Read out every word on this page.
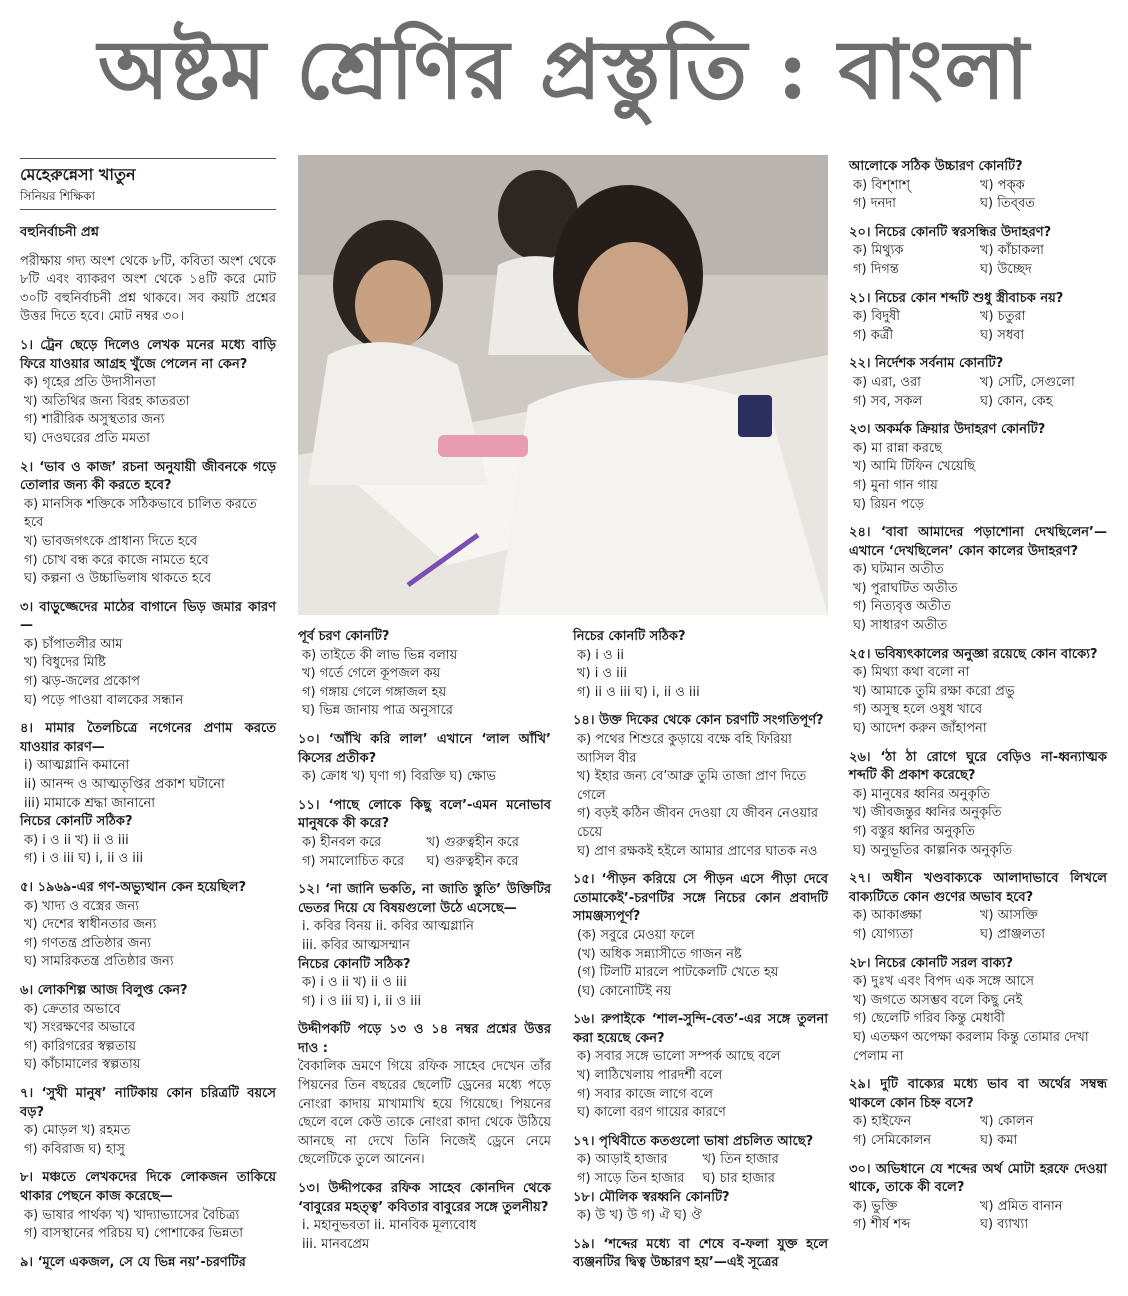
অষ্টম শ্রেণির প্রস্তুতি : বাংলা
মেহেরুন্নেসা খাতুন
সিনিয়র শিক্ষিকা
বহুনির্বাচনী প্রশ্ন

পরীক্ষায় গদ্য অংশ থেকে ৮টি, কবিতা অংশ থেকে ৮টি এবং ব্যাকরণ অংশ থেকে ১৪টি করে মোট ৩০টি বহুনির্বাচনী প্রশ্ন থাকবে। সব কয়টি প্রশ্নের উত্তর দিতে হবে। মোট নম্বর ৩০।

১। ট্রেন ছেড়ে দিলেও লেখক মনের মধ্যে বাড়ি ফিরে যাওয়ার আগ্রহ খুঁজে পেলেন না কেন?

ক) গৃহের প্রতি উদাসীনতা

খ) অতিথির জন্য বিরহ কাতরতা

গ) শারীরিক অসুস্থতার জন্য

ঘ) দেওঘরের প্রতি মমতা

২। ‘ভাব ও কাজ’ রচনা অনুযায়ী জীবনকে গড়ে তোলার জন্য কী করতে হবে?

ক) মানসিক শক্তিকে সঠিকভাবে চালিত করতে হবে

খ) ভাবজগৎকে প্রাধান্য দিতে হবে

গ) চোখ বন্ধ করে কাজে নামতে হবে

ঘ) কল্পনা ও উচ্চাভিলাষ থাকতে হবে

৩। বাড়ুজ্জেদের মাঠের বাগানে ভিড় জমার কারণ—

ক) চাঁপাতলীর আম

খ) বিধুদের মিষ্টি

গ) ঝড়-জলের প্রকোপ

ঘ) পড়ে পাওয়া বালকের সন্ধান

৪। মামার তৈলচিত্রে নগেনের প্রণাম করতে যাওয়ার কারণ—

i) আত্মগ্লানি কমানো

ii) আনন্দ ও আত্মতৃপ্তির প্রকাশ ঘটানো

iii) মামাকে শ্রদ্ধা জানানো

নিচের কোনটি সঠিক?

ক) i ও ii খ) ii ও iii

গ) i ও iii ঘ) i, ii ও iii

৫। ১৯৬৯-এর গণ-অভ্যুত্থান কেন হয়েছিল?

ক) খাদ্য ও বস্ত্রের জন্য

খ) দেশের স্বাধীনতার জন্য

গ) গণতন্ত্র প্রতিষ্ঠার জন্য

ঘ) সামরিকতন্ত্র প্রতিষ্ঠার জন্য

৬। লোকশিল্প আজ বিলুপ্ত কেন?

ক) ক্রেতার অভাবে

খ) সংরক্ষণের অভাবে

গ) কারিগরের স্বল্পতায়

ঘ) কাঁচামালের স্বল্পতায়

৭। ‘সুখী মানুষ’ নাটিকায় কোন চরিত্রটি বয়সে বড়?

ক) মোড়ল খ) রহমত

গ) কবিরাজ ঘ) হাসু

৮। মঞ্চতে লেখকদের দিকে লোকজন তাকিয়ে থাকার পেছনে কাজ করেছে—

ক) ভাষার পার্থক্য খ) খাদ্যাভ্যাসের বৈচিত্র্য

গ) বাসস্থানের পরিচয় ঘ) পোশাকের ভিন্নতা

৯। ‘মূলে একজল, সে যে ভিন্ন নয়’-চরণটির

পূর্ব চরণ কোনটি?

ক) তাইতে কী লাভ ভিন্ন বলায়

খ) গর্তে গেলে কূপজল কয়

গ) গঙ্গায় গেলে গঙ্গাজল হয়

ঘ) ভিন্ন জানায় পাত্র অনুসারে

১০। ‘আঁখি করি লাল’ এখানে ‘লাল আঁখি’ কিসের প্রতীক?

ক) ক্রোধ খ) ঘৃণা গ) বিরক্তি ঘ) ক্ষোভ

১১। ‘পাছে লোকে কিছু বলে’-এমন মনোভাব মানুষকে কী করে?

ক) হীনবল করে	খ) গুরুত্বহীন করে
গ) সমালোচিত করে	ঘ) গুরুত্বহীন করে

১২। ‘না জানি ভকতি, না জাতি স্তুতি’ উক্তিটির ভেতর দিয়ে যে বিষয়গুলো উঠে এসেছে—

i. কবির বিনয় ii. কবির আত্মগ্লানি

iii. কবির আত্মসম্মান

নিচের কোনটি সঠিক?

ক) i ও ii খ) ii ও iii

গ) i ও iii ঘ) i, ii ও iii

উদ্দীপকটি পড়ে ১৩ ও ১৪ নম্বর প্রশ্নের উত্তর দাও :

বৈকালিক ভ্রমণে গিয়ে রফিক সাহেব দেখেন তাঁর পিয়নের তিন বছরের ছেলেটি ড্রেনের মধ্যে পড়ে নোংরা কাদায় মাখামাখি হয়ে গিয়েছে। পিয়নের ছেলে বলে কেউ তাকে নোংরা কাদা থেকে উঠিয়ে আনছে না দেখে তিনি নিজেই ড্রেনে নেমে ছেলেটিকে তুলে আনেন।

১৩। উদ্দীপকের রফিক সাহেব কোনদিন থেকে ‘বাবুরের মহত্ত্ব’ কবিতার বাবুরের সঙ্গে তুলনীয়?

i. মহানুভবতা ii. মানবিক মূল্যবোধ

iii. মানবপ্রেম

নিচের কোনটি সঠিক?

ক) i ও ii

খ) i ও iii

গ) ii ও iii ঘ) i, ii ও iii

১৪। উক্ত দিকের থেকে কোন চরণটি সংগতিপূর্ণ?

ক) পথের শিশুরে কুড়ায়ে বক্ষে বহি ফিরিয়া আসিল বীর

খ) ইহার জন্য বে’আব্রু তুমি তাজা প্রাণ দিতে গেলে

গ) বড়ই কঠিন জীবন দেওয়া যে জীবন নেওয়ার চেয়ে

ঘ) প্রাণ রক্ষকই হইলে আমার প্রাণের ঘাতক নও

১৫। ‘পীড়ন করিয়ে সে পীড়ন এসে পীড়া দেবে তোমাকেই’-চরণটির সঙ্গে নিচের কোন প্রবাদটি সামঞ্জস্যপূর্ণ?

(ক) সবুরে মেওয়া ফলে

(খ) অধিক সন্ন্যাসীতে গাজন নষ্ট

(গ) টিলটি মারলে পাটকেলটি খেতে হয়

(ঘ) কোনোটিই নয়

১৬। রুপাইকে ‘শাল-সুন্দি-বেত’-এর সঙ্গে তুলনা করা হয়েছে কেন?

ক) সবার সঙ্গে ভালো সম্পর্ক আছে বলে

খ) লাঠিখেলায় পারদর্শী বলে

গ) সবার কাজে লাগে বলে

ঘ) কালো বরণ গায়ের কারণে

১৭। পৃথিবীতে কতগুলো ভাষা প্রচলিত আছে?

ক) আড়াই হাজার	খ) তিন হাজার
গ) সাড়ে তিন হাজার	ঘ) চার হাজার

১৮। মৌলিক স্বরধ্বনি কোনটি?

ক) উ খ) উ গ) ঐ ঘ) ঔ

১৯। ‘শব্দের মধ্যে বা শেষে ব-ফলা যুক্ত হলে ব্যঞ্জনটির দ্বিত্ব উচ্চারণ হয়’—এই সূত্রের

আলোকে সঠিক উচ্চারণ কোনটি?

ক) বিশ্‌শাশ্	খ) পক্‌ক
গ) দনদা	ঘ) তিব্‌বত

২০। নিচের কোনটি স্বরসন্ধির উদাহরণ?

ক) মিথ্যুক	খ) কাঁচাকলা
গ) দিগন্ত	ঘ) উচ্ছেদ

২১। নিচের কোন শব্দটি শুধু স্ত্রীবাচক নয়?

ক) বিদুষী	খ) চতুরা
গ) কর্ত্রী	ঘ) সধবা

২২। নির্দেশক সর্বনাম কোনটি?

ক) এরা, ওরা	খ) সেটি, সেগুলো
গ) সব, সকল	ঘ) কোন, কেহ

২৩। অকর্মক ক্রিয়ার উদাহরণ কোনটি?

ক) মা রান্না করছে

খ) আমি টিফিন খেয়েছি

গ) মুনা গান গায়

ঘ) রিয়ন পড়ে

২৪। ‘বাবা আমাদের পড়াশোনা দেখছিলেন’—এখানে ‘দেখছিলেন’ কোন কালের উদাহরণ?

ক) ঘটমান অতীত

খ) পুরাঘটিত অতীত

গ) নিত্যবৃত্ত অতীত

ঘ) সাধারণ অতীত

২৫। ভবিষ্যৎকালের অনুজ্ঞা রয়েছে কোন বাক্যে?

ক) মিথ্যা কথা বলো না

খ) আমাকে তুমি রক্ষা করো প্রভু

গ) অসুস্থ হলে ওষুধ খাবে

ঘ) আদেশ করুন জাঁহাপনা

২৬। ‘ঠা ঠা রোগে ঘুরে বেড়িও না-ধ্বন্যাত্মক শব্দটি কী প্রকাশ করেছে?

ক) মানুষের ধ্বনির অনুকৃতি

খ) জীবজন্তুর ধ্বনির অনুকৃতি

গ) বস্তুর ধ্বনির অনুকৃতি

ঘ) অনুভূতির কাল্পনিক অনুকৃতি

২৭। অধীন খণ্ডবাক্যকে আলাদাভাবে লিখলে বাক্যটিতে কোন গুণের অভাব হবে?

ক) আকাঙ্ক্ষা	খ) আসক্তি
গ) যোগ্যতা	ঘ) প্রাঞ্জলতা

২৮। নিচের কোনটি সরল বাক্য?

ক) দুঃখ এবং বিপদ এক সঙ্গে আসে

খ) জগতে অসম্ভব বলে কিছু নেই

গ) ছেলেটি গরিব কিন্তু মেধাবী

ঘ) এতক্ষণ অপেক্ষা করলাম কিন্তু তোমার দেখা পেলাম না

২৯। দুটি বাক্যের মধ্যে ভাব বা অর্থের সম্বন্ধ থাকলে কোন চিহ্ন বসে?

ক) হাইফেন	খ) কোলন
গ) সেমিকোলন	ঘ) কমা

৩০। অভিধানে যে শব্দের অর্থ মোটা হরফে দেওয়া থাকে, তাকে কী বলে?

ক) ভুক্তি	খ) প্রমিত বানান
গ) শীর্ষ শব্দ	ঘ) ব্যাখ্যা
